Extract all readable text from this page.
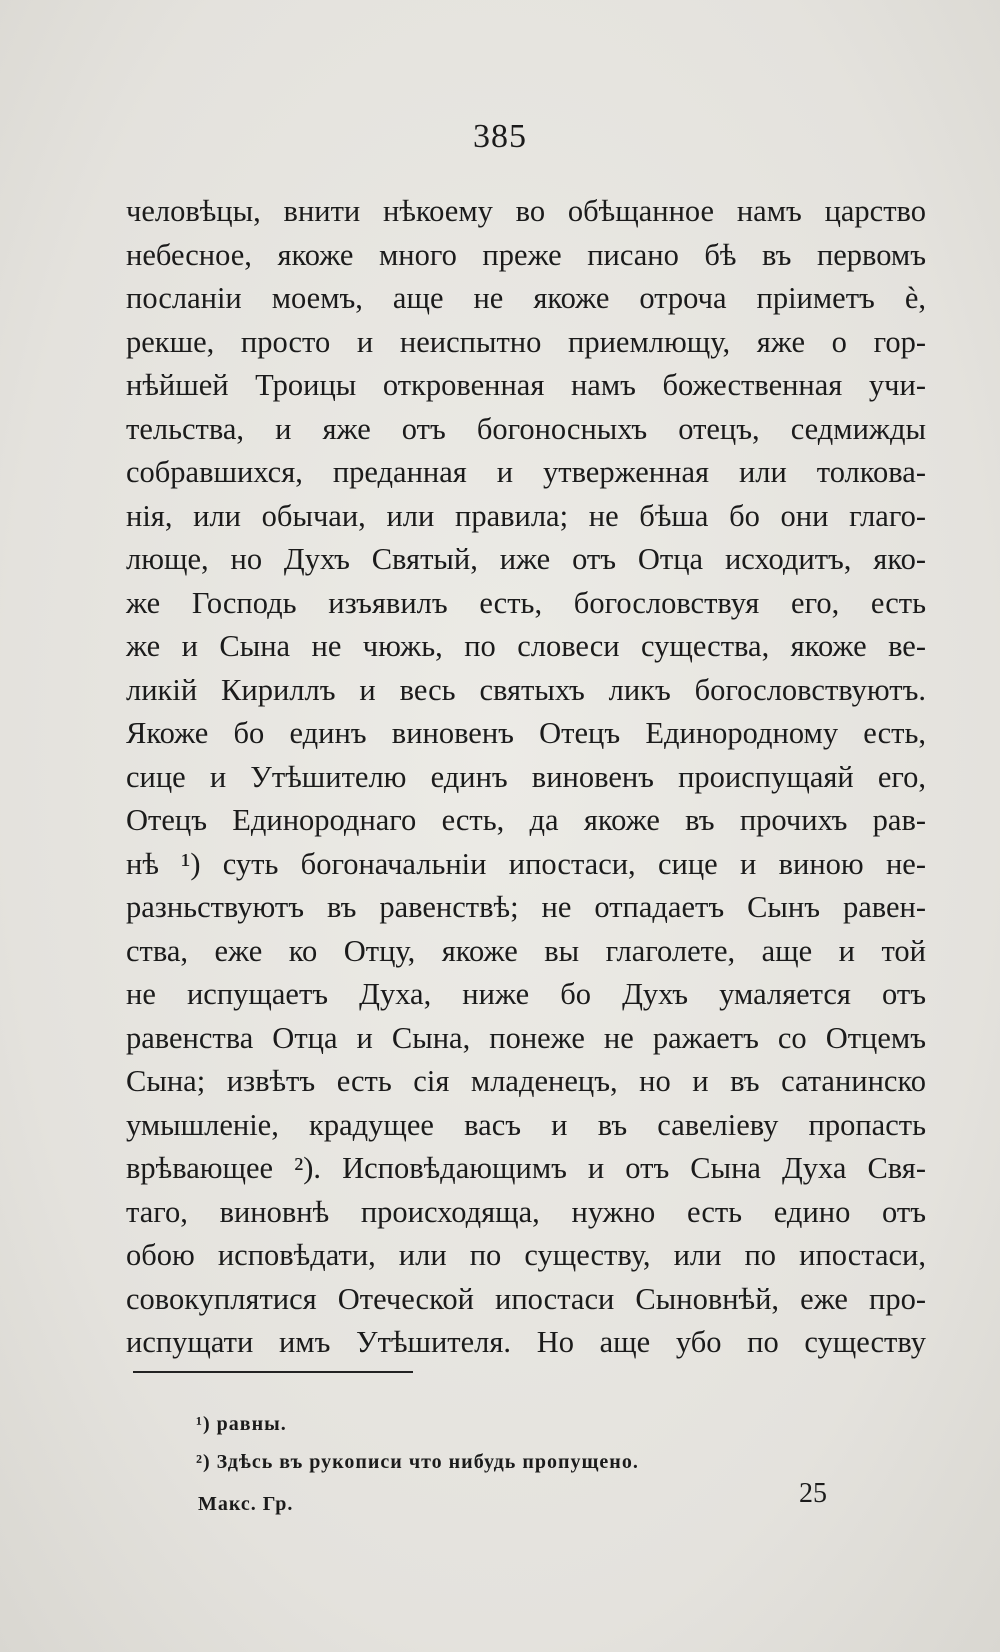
385
человѣцы, внити нѣкоему во обѣщанное намъ царство
небесное, якоже много преже писано бѣ въ первомъ
посланіи моемъ, аще не якоже отроча пріиметъ ѐ,
рекше, просто и неиспытно приемлющу, яже о гор-
нѣйшей Троицы откровенная намъ божественная учи-
тельства, и яже отъ богоносныхъ отецъ, седмижды
собравшихся, преданная и утверженная или толкова-
нія, или обычаи, или правила; не бѣша бо они глаго-
люще, но Духъ Святый, иже отъ Отца исходитъ, яко-
же Господь изъявилъ есть, богословствуя его, есть
же и Сына не чюжь, по словеси существа, якоже ве-
ликій Кириллъ и весь святыхъ ликъ богословствуютъ.
Якоже бо единъ виновенъ Отецъ Единородному есть,
сице и Утѣшителю единъ виновенъ происпущаяй его,
Отецъ Единороднаго есть, да якоже въ прочихъ рав-
нѣ ¹) суть богоначальніи ипостаси, сице и виною не-
разньствуютъ въ равенствѣ; не отпадаетъ Сынъ равен-
ства, еже ко Отцу, якоже вы глаголете, аще и той
не испущаетъ Духа, ниже бо Духъ умаляется отъ
равенства Отца и Сына, понеже не ражаетъ со Отцемъ
Сына; извѣтъ есть сія младенецъ, но и въ сатанинско
умышленіе, крадущее васъ и въ савеліеву пропасть
врѣвающее ²). Исповѣдающимъ и отъ Сына Духа Свя-
таго, виновнѣ происходяща, нужно есть едино отъ
обою исповѣдати, или по существу, или по ипостаси,
совокуплятися Отеческой ипостаси Сыновнѣй, еже про-
испущати имъ Утѣшителя. Но аще убо по существу
¹) равны.
²) Здѣсь въ рукописи что нибудь пропущено.
Макс. Гр.	25
